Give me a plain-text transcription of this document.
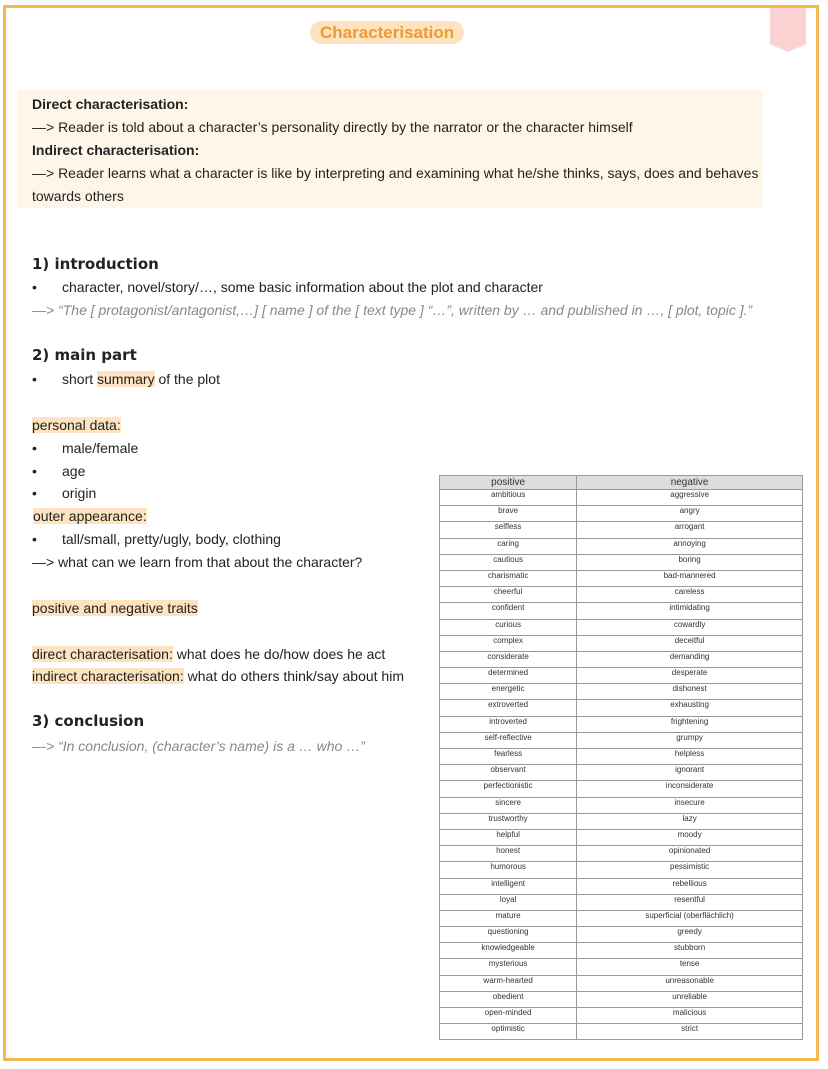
Characterisation
Direct characterisation:
—> Reader is told about a character’s personality directly by the narrator or the character himself
Indirect characterisation:
—> Reader learns what a character is like by interpreting and examining what he/she thinks, says, does and behaves
towards others
1) introduction
• character, novel/story/…, some basic information about the plot and character
—> “The [ protagonist/antagonist,…] [ name ] of the [ text type ] “…”, written by … and published in …, [ plot, topic ].”
2) main part
• short summary of the plot
personal data:
• male/female
• age
• origin
outer appearance:
• tall/small, pretty/ugly, body, clothing
—> what can we learn from that about the character?
positive and negative traits
direct characterisation: what does he do/how does he act
indirect characterisation: what do others think/say about him
3) conclusion
—> “In conclusion, (character’s name) is a … who …”
positive	negative
ambitious	aggressive
brave	angry
selfless	arrogant
caring	annoying
cautious	boring
charismatic	bad-mannered
cheerful	careless
confident	intimidating
curious	cowardly
complex	deceitful
considerate	demanding
determined	desperate
energetic	dishonest
extroverted	exhausting
introverted	frightening
self-reflective	grumpy
fearless	helpless
observant	ignorant
perfectionistic	inconsiderate
sincere	insecure
trustworthy	lazy
helpful	moody
honest	opinionated
humorous	pessimistic
intelligent	rebellious
loyal	resentful
mature	superficial (oberflächlich)
questioning	greedy
knowledgeable	stubborn
mysterious	tense
warm-hearted	unreasonable
obedient	unreliable
open-minded	malicious
optimistic	strict
